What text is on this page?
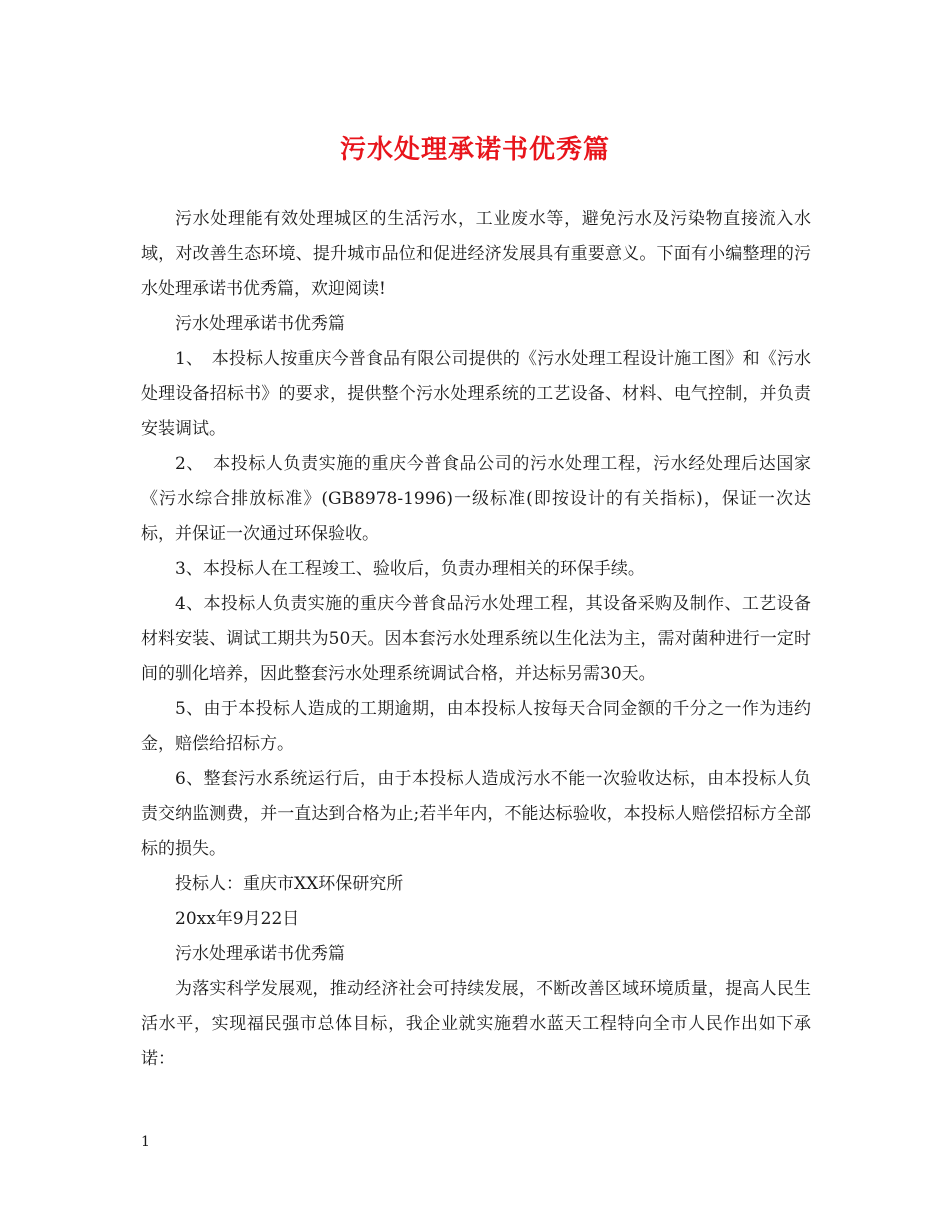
污水处理承诺书优秀篇

污水处理能有效处理城区的生活污水，工业废水等，避免污水及污染物直接流入水域，对改善生态环境、提升城市品位和促进经济发展具有重要意义。下面有小编整理的污水处理承诺书优秀篇，欢迎阅读!

污水处理承诺书优秀篇

1、　本投标人按重庆今普食品有限公司提供的《污水处理工程设计施工图》和《污水处理设备招标书》的要求，提供整个污水处理系统的工艺设备、材料、电气控制，并负责安装调试。

2、　本投标人负责实施的重庆今普食品公司的污水处理工程，污水经处理后达国家《污水综合排放标准》(GB8978-1996)一级标准(即按设计的有关指标)，保证一次达标，并保证一次通过环保验收。

3、本投标人在工程竣工、验收后，负责办理相关的环保手续。

4、本投标人负责实施的重庆今普食品污水处理工程，其设备采购及制作、工艺设备材料安装、调试工期共为50天。因本套污水处理系统以生化法为主，需对菌种进行一定时间的驯化培养，因此整套污水处理系统调试合格，并达标另需30天。

5、由于本投标人造成的工期逾期，由本投标人按每天合同金额的千分之一作为违约金，赔偿给招标方。

6、整套污水系统运行后，由于本投标人造成污水不能一次验收达标，由本投标人负责交纳监测费，并一直达到合格为止;若半年内，不能达标验收，本投标人赔偿招标方全部标的损失。

投标人：重庆市XX环保研究所

20xx年9月22日

污水处理承诺书优秀篇

为落实科学发展观，推动经济社会可持续发展，不断改善区域环境质量，提高人民生活水平，实现福民强市总体目标，我企业就实施碧水蓝天工程特向全市人民作出如下承诺：

1
